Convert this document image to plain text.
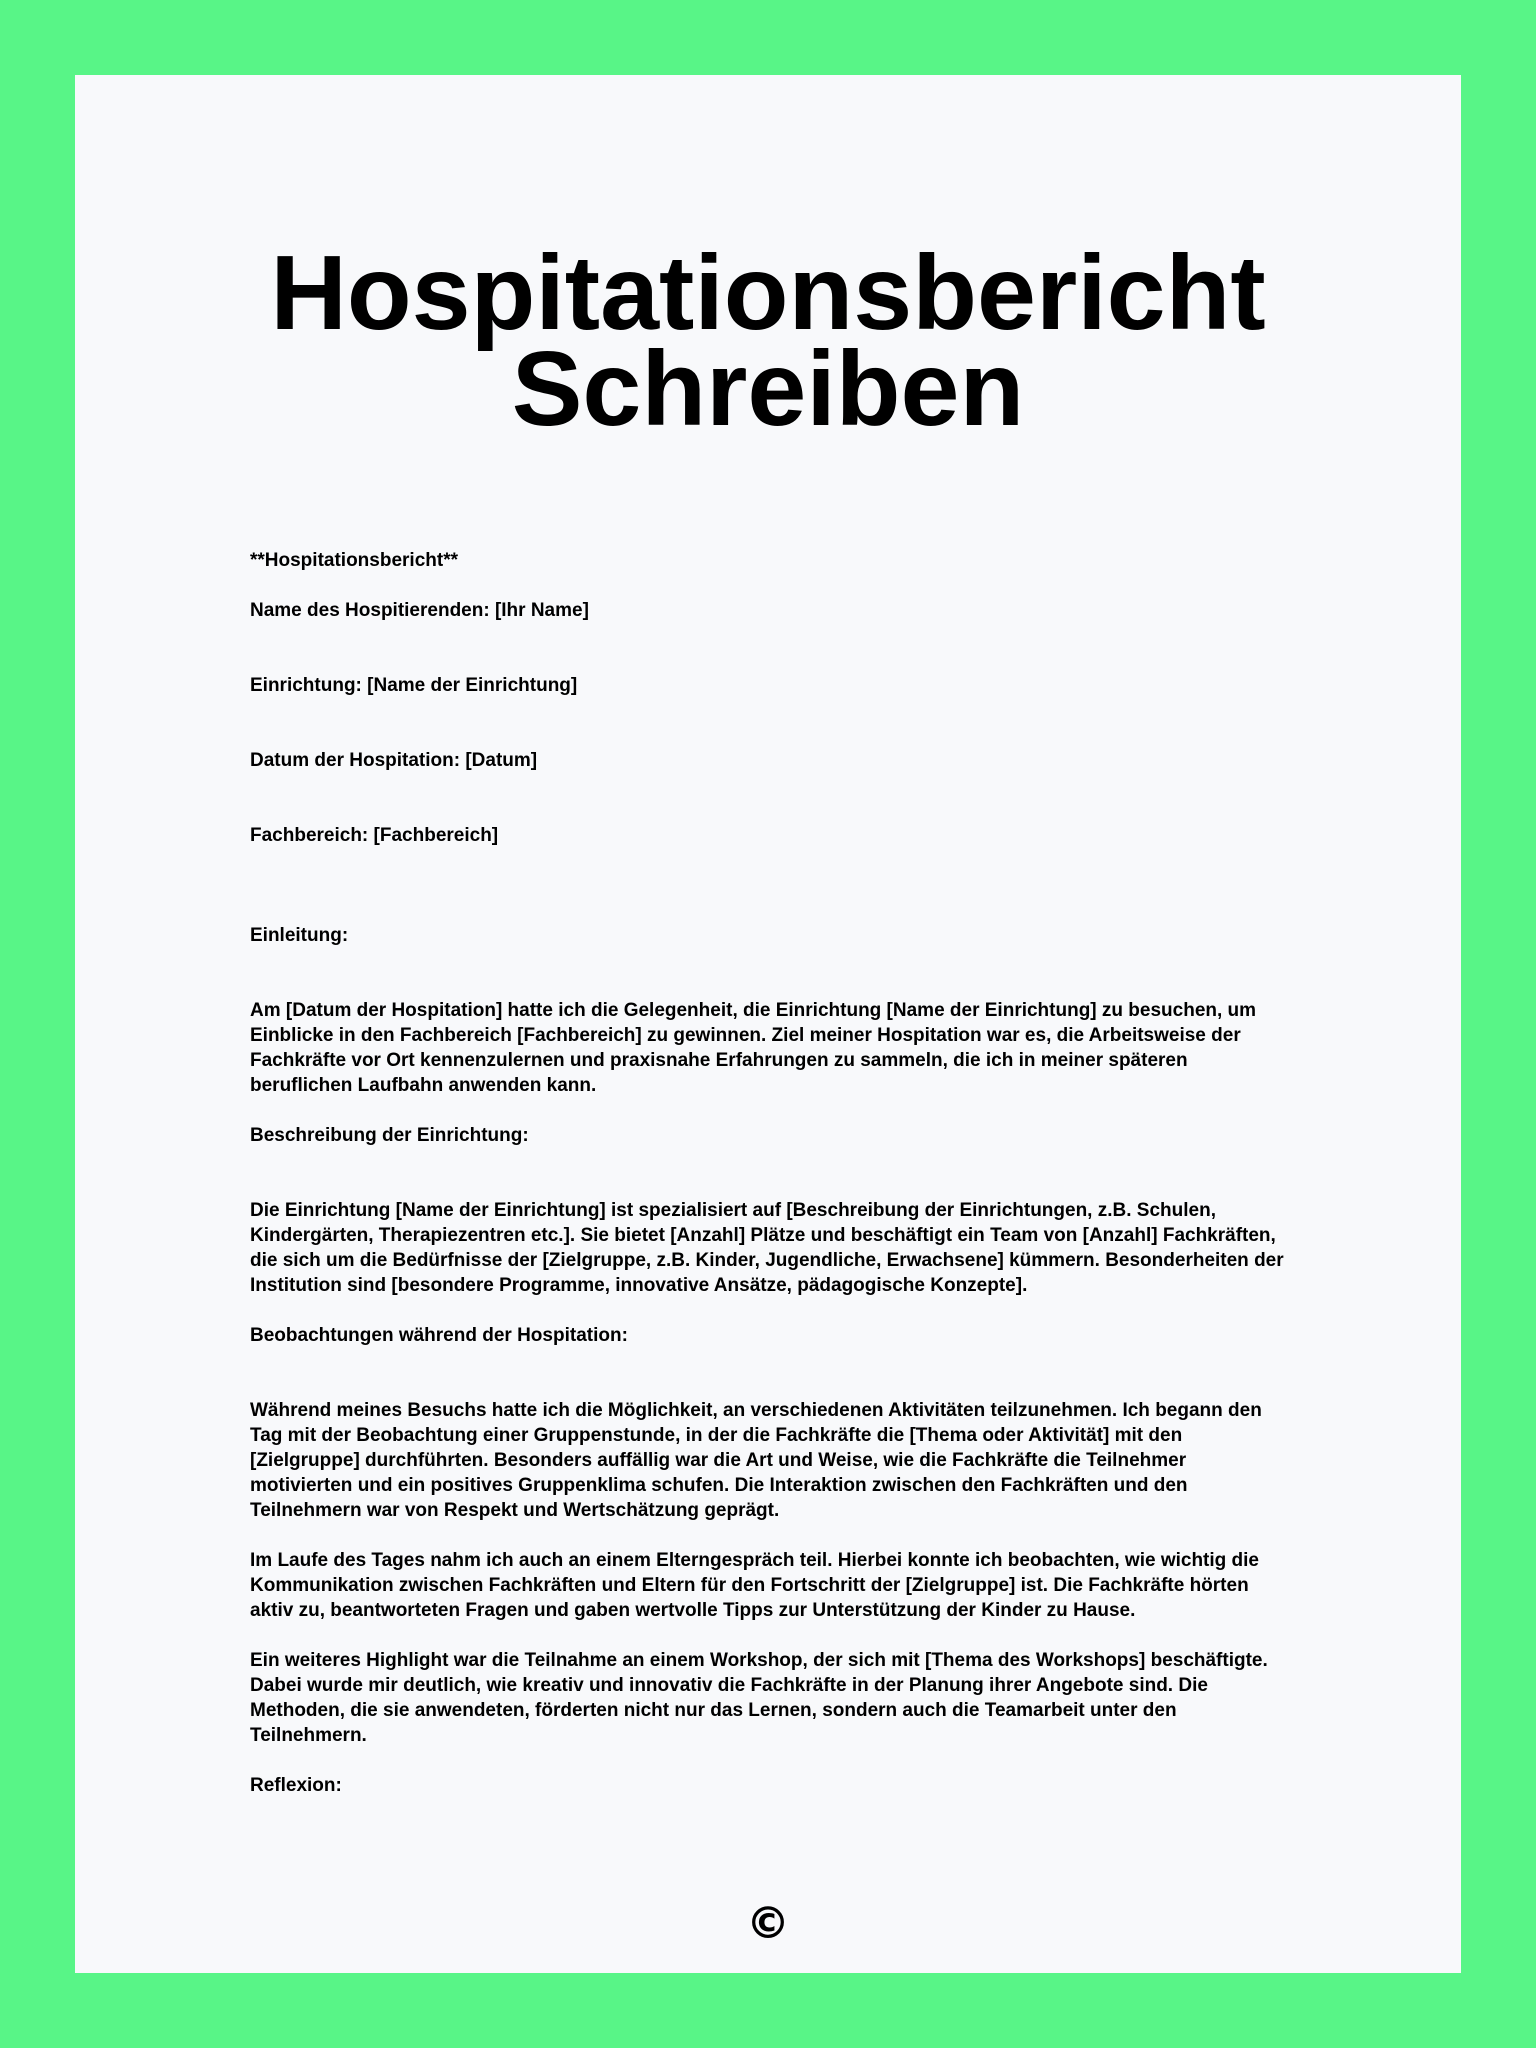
Hospitationsbericht
Schreiben

**Hospitationsbericht**

Name des Hospitierenden: [Ihr Name]

Einrichtung: [Name der Einrichtung]

Datum der Hospitation: [Datum]

Fachbereich: [Fachbereich]

Einleitung:

Am [Datum der Hospitation] hatte ich die Gelegenheit, die Einrichtung [Name der Einrichtung] zu besuchen, um Einblicke in den Fachbereich [Fachbereich] zu gewinnen. Ziel meiner Hospitation war es, die Arbeitsweise der Fachkräfte vor Ort kennenzulernen und praxisnahe Erfahrungen zu sammeln, die ich in meiner späteren beruflichen Laufbahn anwenden kann.

Beschreibung der Einrichtung:

Die Einrichtung [Name der Einrichtung] ist spezialisiert auf [Beschreibung der Einrichtungen, z.B. Schulen, Kindergärten, Therapiezentren etc.]. Sie bietet [Anzahl] Plätze und beschäftigt ein Team von [Anzahl] Fachkräften, die sich um die Bedürfnisse der [Zielgruppe, z.B. Kinder, Jugendliche, Erwachsene] kümmern. Besonderheiten der Institution sind [besondere Programme, innovative Ansätze, pädagogische Konzepte].

Beobachtungen während der Hospitation:

Während meines Besuchs hatte ich die Möglichkeit, an verschiedenen Aktivitäten teilzunehmen. Ich begann den Tag mit der Beobachtung einer Gruppenstunde, in der die Fachkräfte die [Thema oder Aktivität] mit den [Zielgruppe] durchführten. Besonders auffällig war die Art und Weise, wie die Fachkräfte die Teilnehmer motivierten und ein positives Gruppenklima schufen. Die Interaktion zwischen den Fachkräften und den Teilnehmern war von Respekt und Wertschätzung geprägt.

Im Laufe des Tages nahm ich auch an einem Elterngespräch teil. Hierbei konnte ich beobachten, wie wichtig die Kommunikation zwischen Fachkräften und Eltern für den Fortschritt der [Zielgruppe] ist. Die Fachkräfte hörten aktiv zu, beantworteten Fragen und gaben wertvolle Tipps zur Unterstützung der Kinder zu Hause.

Ein weiteres Highlight war die Teilnahme an einem Workshop, der sich mit [Thema des Workshops] beschäftigte. Dabei wurde mir deutlich, wie kreativ und innovativ die Fachkräfte in der Planung ihrer Angebote sind. Die Methoden, die sie anwendeten, förderten nicht nur das Lernen, sondern auch die Teamarbeit unter den Teilnehmern.

Reflexion:

©
